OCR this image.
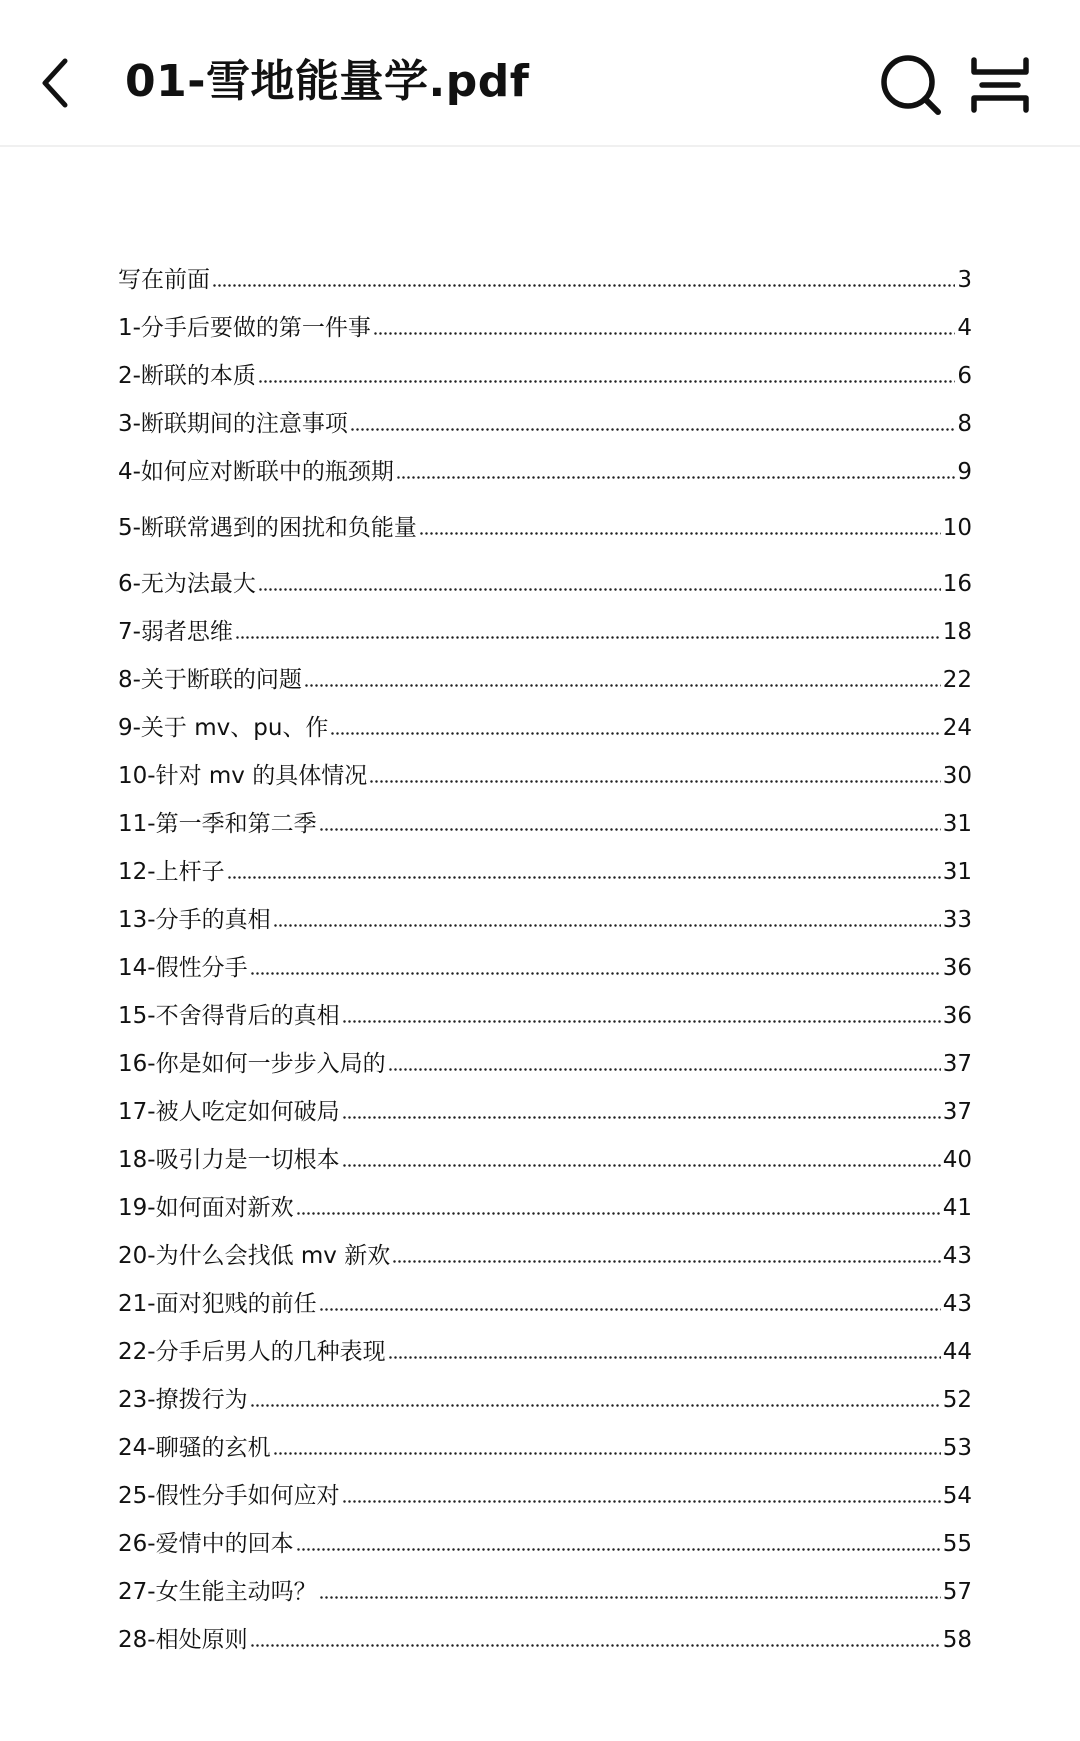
01-雪地能量学.pdf
写在前面	3
1-分手后要做的第一件事	4
2-断联的本质	6
3-断联期间的注意事项	8
4-如何应对断联中的瓶颈期	9
5-断联常遇到的困扰和负能量	10
6-无为法最大	16
7-弱者思维	18
8-关于断联的问题	22
9-关于 mv、pu、作	24
10-针对 mv 的具体情况	30
11-第一季和第二季	31
12-上杆子	31
13-分手的真相	33
14-假性分手	36
15-不舍得背后的真相	36
16-你是如何一步步入局的	37
17-被人吃定如何破局	37
18-吸引力是一切根本	40
19-如何面对新欢	41
20-为什么会找低 mv 新欢	43
21-面对犯贱的前任	43
22-分手后男人的几种表现	44
23-撩拨行为	52
24-聊骚的玄机	53
25-假性分手如何应对	54
26-爱情中的回本	55
27-女生能主动吗？	57
28-相处原则	58
